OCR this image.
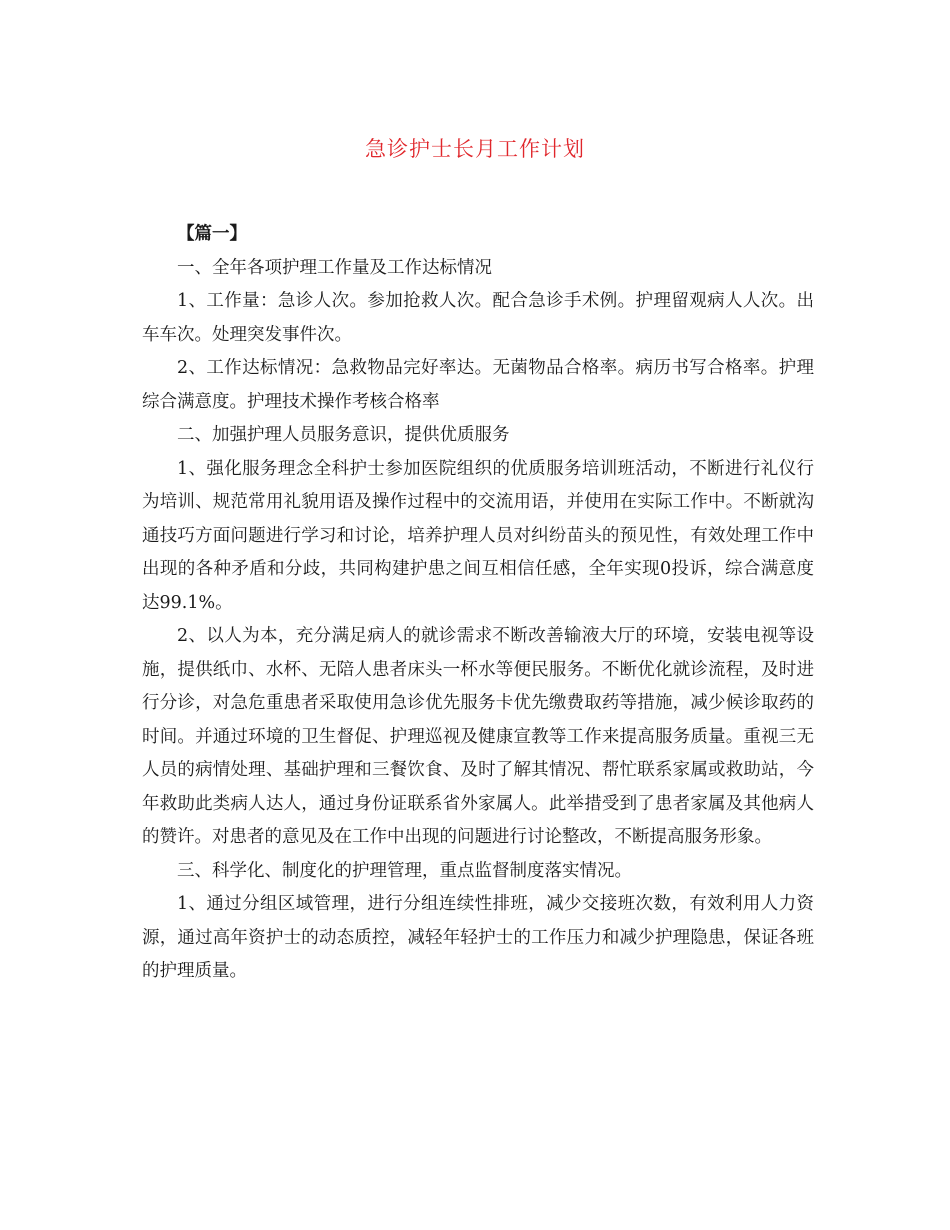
急诊护士长月工作计划

【篇一】

一、全年各项护理工作量及工作达标情况

1、工作量：急诊人次。参加抢救人次。配合急诊手术例。护理留观病人人次。出车车次。处理突发事件次。

2、工作达标情况：急救物品完好率达。无菌物品合格率。病历书写合格率。护理综合满意度。护理技术操作考核合格率

二、加强护理人员服务意识，提供优质服务

1、强化服务理念全科护士参加医院组织的优质服务培训班活动，不断进行礼仪行为培训、规范常用礼貌用语及操作过程中的交流用语，并使用在实际工作中。不断就沟通技巧方面问题进行学习和讨论，培养护理人员对纠纷苗头的预见性，有效处理工作中出现的各种矛盾和分歧，共同构建护患之间互相信任感，全年实现0投诉，综合满意度达99.1%。

2、以人为本，充分满足病人的就诊需求不断改善输液大厅的环境，安装电视等设施，提供纸巾、水杯、无陪人患者床头一杯水等便民服务。不断优化就诊流程，及时进行分诊，对急危重患者采取使用急诊优先服务卡优先缴费取药等措施，减少候诊取药的时间。并通过环境的卫生督促、护理巡视及健康宣教等工作来提高服务质量。重视三无人员的病情处理、基础护理和三餐饮食、及时了解其情况、帮忙联系家属或救助站，今年救助此类病人达人，通过身份证联系省外家属人。此举措受到了患者家属及其他病人的赞许。对患者的意见及在工作中出现的问题进行讨论整改，不断提高服务形象。

三、科学化、制度化的护理管理，重点监督制度落实情况。

1、通过分组区域管理，进行分组连续性排班，减少交接班次数，有效利用人力资源，通过高年资护士的动态质控，减轻年轻护士的工作压力和减少护理隐患，保证各班的护理质量。
